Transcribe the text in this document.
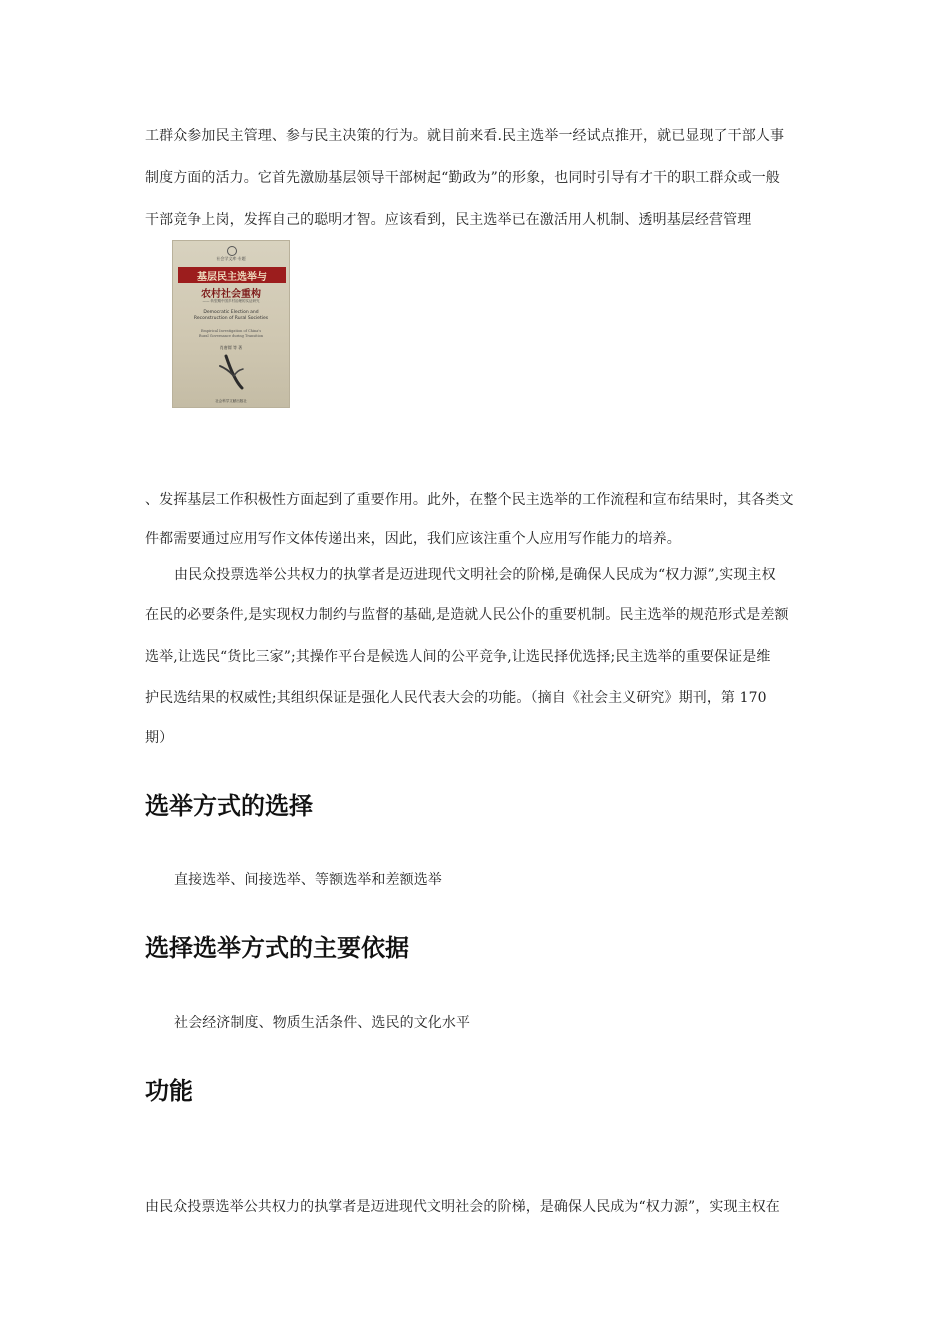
工群众参加民主管理、参与民主决策的行为。就目前来看.民主选举一经试点推开，就已显现了干部人事
制度方面的活力。它首先激励基层领导干部树起“勤政为”的形象，也同时引导有才干的职工群众或一般
干部竞争上岗，发挥自己的聪明才智。应该看到，民主选举已在激活用人机制、透明基层经营管理
社会学文库·专题
基层民主选举与
农村社会重构
—— 转型期中国乡村治理的实证研究
Democratic Election and
Reconstruction of Rural Societies
Empirical Investigation of China's
Rural Governance during Transition
肖唐镖 等 著
社会科学文献出版社
、发挥基层工作积极性方面起到了重要作用。此外，在整个民主选举的工作流程和宣布结果时，其各类文
件都需要通过应用写作文体传递出来，因此，我们应该注重个人应用写作能力的培养。
由民众投票选举公共权力的执掌者是迈进现代文明社会的阶梯,是确保人民成为“权力源”,实现主权
在民的必要条件,是实现权力制约与监督的基础,是造就人民公仆的重要机制。民主选举的规范形式是差额
选举,让选民“货比三家”;其操作平台是候选人间的公平竞争,让选民择优选择;民主选举的重要保证是维
护民选结果的权威性;其组织保证是强化人民代表大会的功能。（摘自《社会主义研究》期刊，第 170
期）
选举方式的选择
直接选举、间接选举、等额选举和差额选举
选择选举方式的主要依据
社会经济制度、物质生活条件、选民的文化水平
功能
由民众投票选举公共权力的执掌者是迈进现代文明社会的阶梯，是确保人民成为“权力源”，实现主权在
